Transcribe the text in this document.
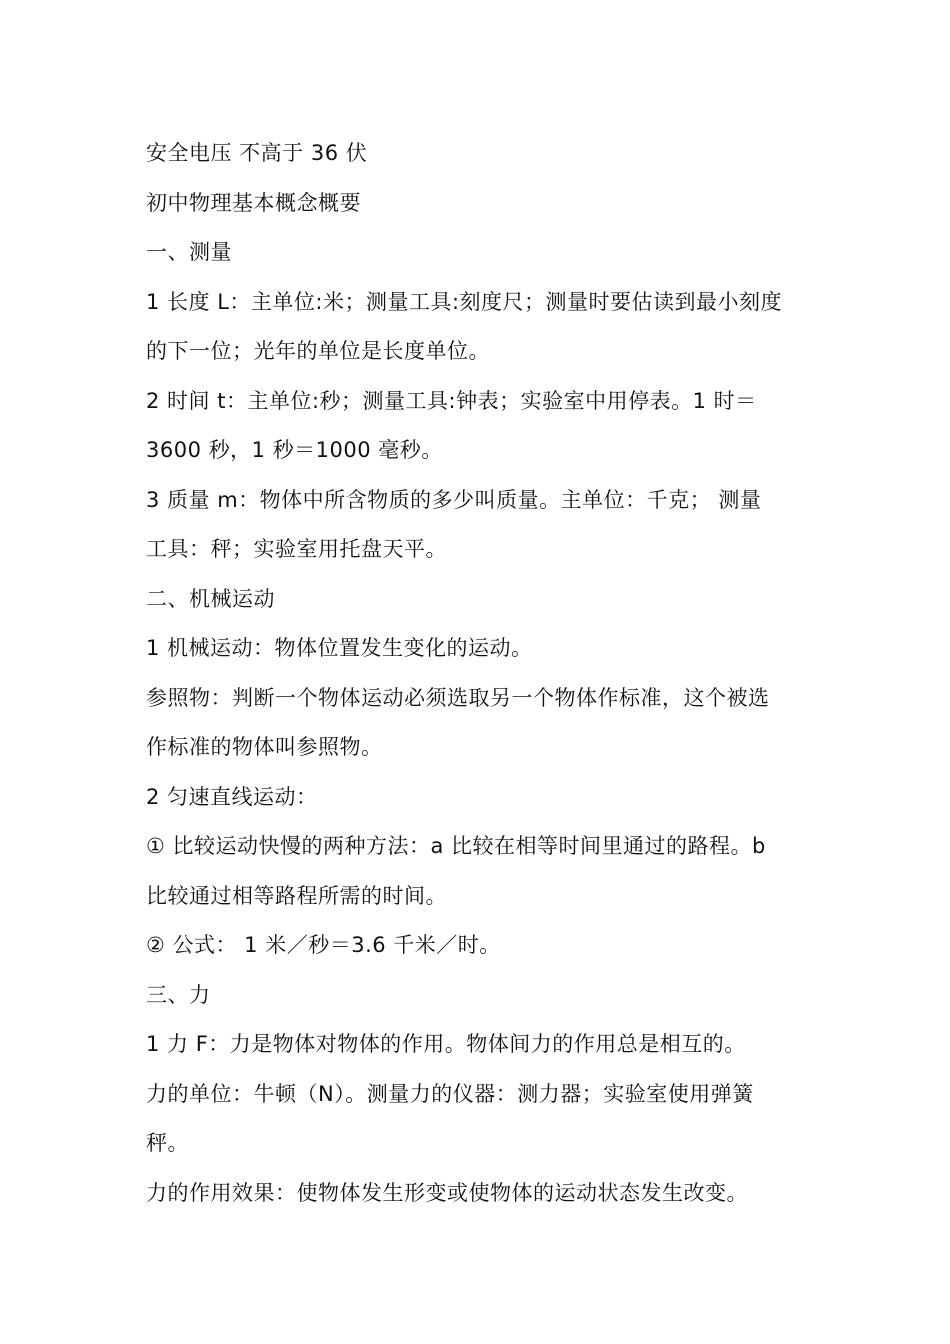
安全电压 不高于 36 伏
初中物理基本概念概要
一、测量
1 长度 L：主单位:米；测量工具:刻度尺；测量时要估读到最小刻度
的下一位；光年的单位是长度单位。
2 时间 t：主单位:秒；测量工具:钟表；实验室中用停表。1 时＝
3600 秒，1 秒＝1000 毫秒。
3 质量 m：物体中所含物质的多少叫质量。主单位：千克； 测量
工具：秤；实验室用托盘天平。
二、机械运动
1 机械运动：物体位置发生变化的运动。
参照物：判断一个物体运动必须选取另一个物体作标准，这个被选
作标准的物体叫参照物。
2 匀速直线运动：
① 比较运动快慢的两种方法：a 比较在相等时间里通过的路程。b
比较通过相等路程所需的时间。
② 公式： 1 米／秒＝3.6 千米／时。
三、力
1 力 F：力是物体对物体的作用。物体间力的作用总是相互的。
力的单位：牛顿（N）。测量力的仪器：测力器；实验室使用弹簧
秤。
力的作用效果：使物体发生形变或使物体的运动状态发生改变。
